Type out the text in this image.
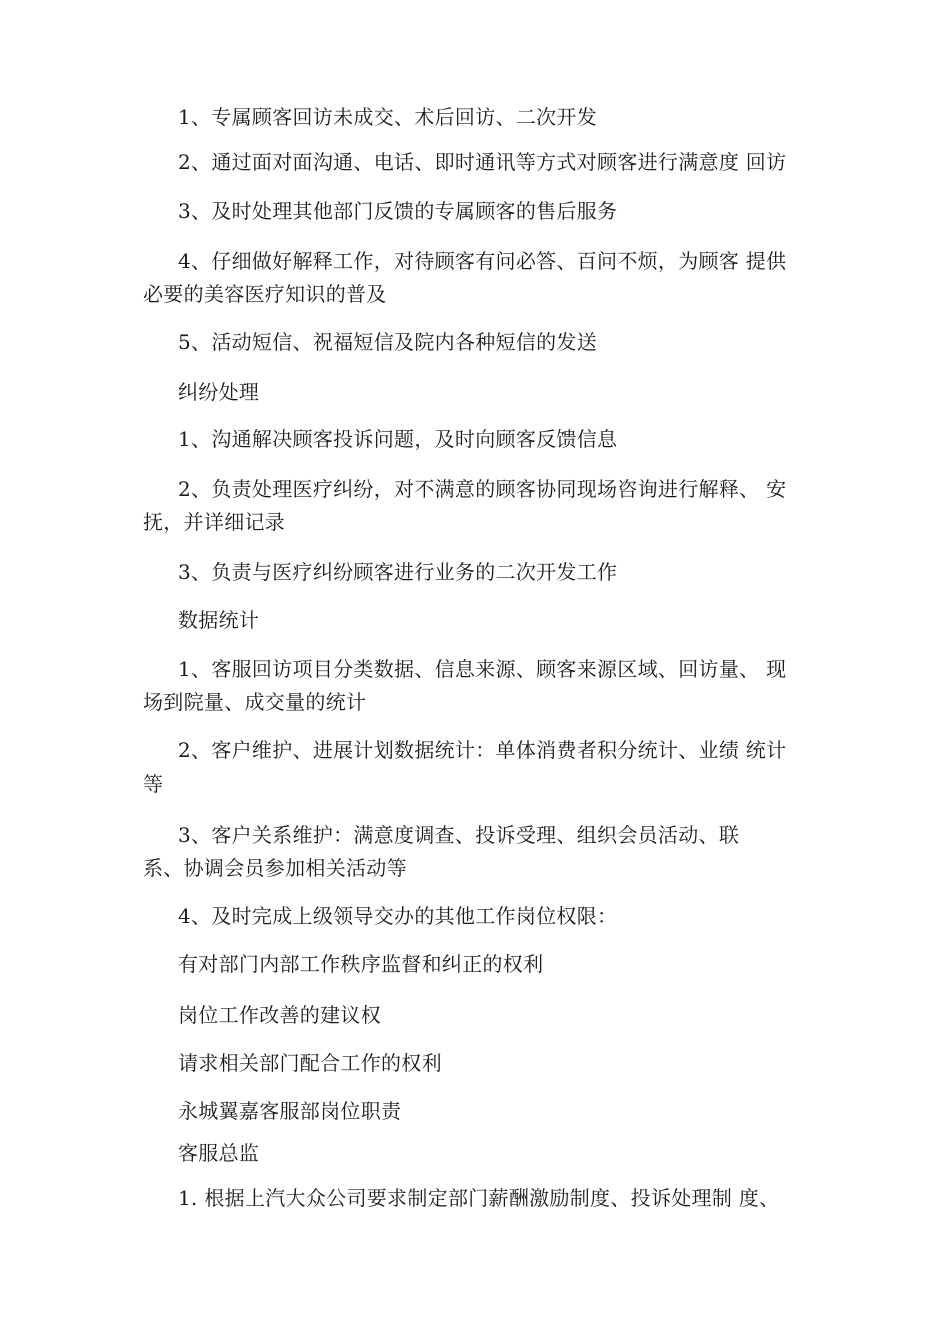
1、专属顾客回访未成交、术后回访、二次开发
2、通过面对面沟通、电话、即时通讯等方式对顾客进行满意度 回访
3、及时处理其他部门反馈的专属顾客的售后服务
4、仔细做好解释工作，对待顾客有问必答、百问不烦，为顾客 提供
必要的美容医疗知识的普及
5、活动短信、祝福短信及院内各种短信的发送
纠纷处理
1、沟通解决顾客投诉问题，及时向顾客反馈信息
2、负责处理医疗纠纷，对不满意的顾客协同现场咨询进行解释、 安
抚，并详细记录
3、负责与医疗纠纷顾客进行业务的二次开发工作
数据统计
1、客服回访项目分类数据、信息来源、顾客来源区域、回访量、 现
场到院量、成交量的统计
2、客户维护、进展计划数据统计：单体消费者积分统计、业绩 统计
等
3、客户关系维护：满意度调查、投诉受理、组织会员活动、联
系、协调会员参加相关活动等
4、及时完成上级领导交办的其他工作岗位权限：
有对部门内部工作秩序监督和纠正的权利
岗位工作改善的建议权
请求相关部门配合工作的权利
永城翼嘉客服部岗位职责
客服总监
1. 根据上汽大众公司要求制定部门薪酬激励制度、投诉处理制 度、
